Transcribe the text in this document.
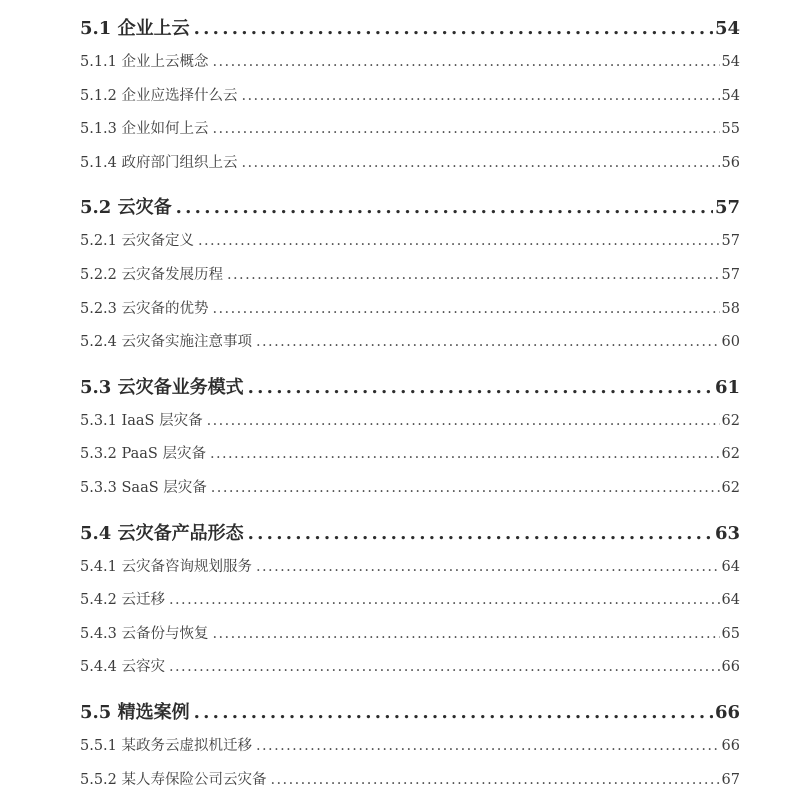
5.1 企业上云 . . .	54
5.1.1 企业上云概念 . . .	54
5.1.2 企业应选择什么云 . . .	54
5.1.3 企业如何上云 . . .	55
5.1.4 政府部门组织上云 . . .	56
5.2 云灾备 . . .	57
5.2.1 云灾备定义 . . .	57
5.2.2 云灾备发展历程 . . .	57
5.2.3 云灾备的优势 . . .	58
5.2.4 云灾备实施注意事项 . . .	60
5.3 云灾备业务模式 . . .	61
5.3.1 IaaS 层灾备 . . .	62
5.3.2 PaaS 层灾备 . . .	62
5.3.3 SaaS 层灾备 . . .	62
5.4 云灾备产品形态 . . .	63
5.4.1 云灾备咨询规划服务 . . .	64
5.4.2 云迁移 . . .	64
5.4.3 云备份与恢复 . . .	65
5.4.4 云容灾 . . .	66
5.5 精选案例 . . .	66
5.5.1 某政务云虚拟机迁移 . . .	66
5.5.2 某人寿保险公司云灾备 . . .	67
